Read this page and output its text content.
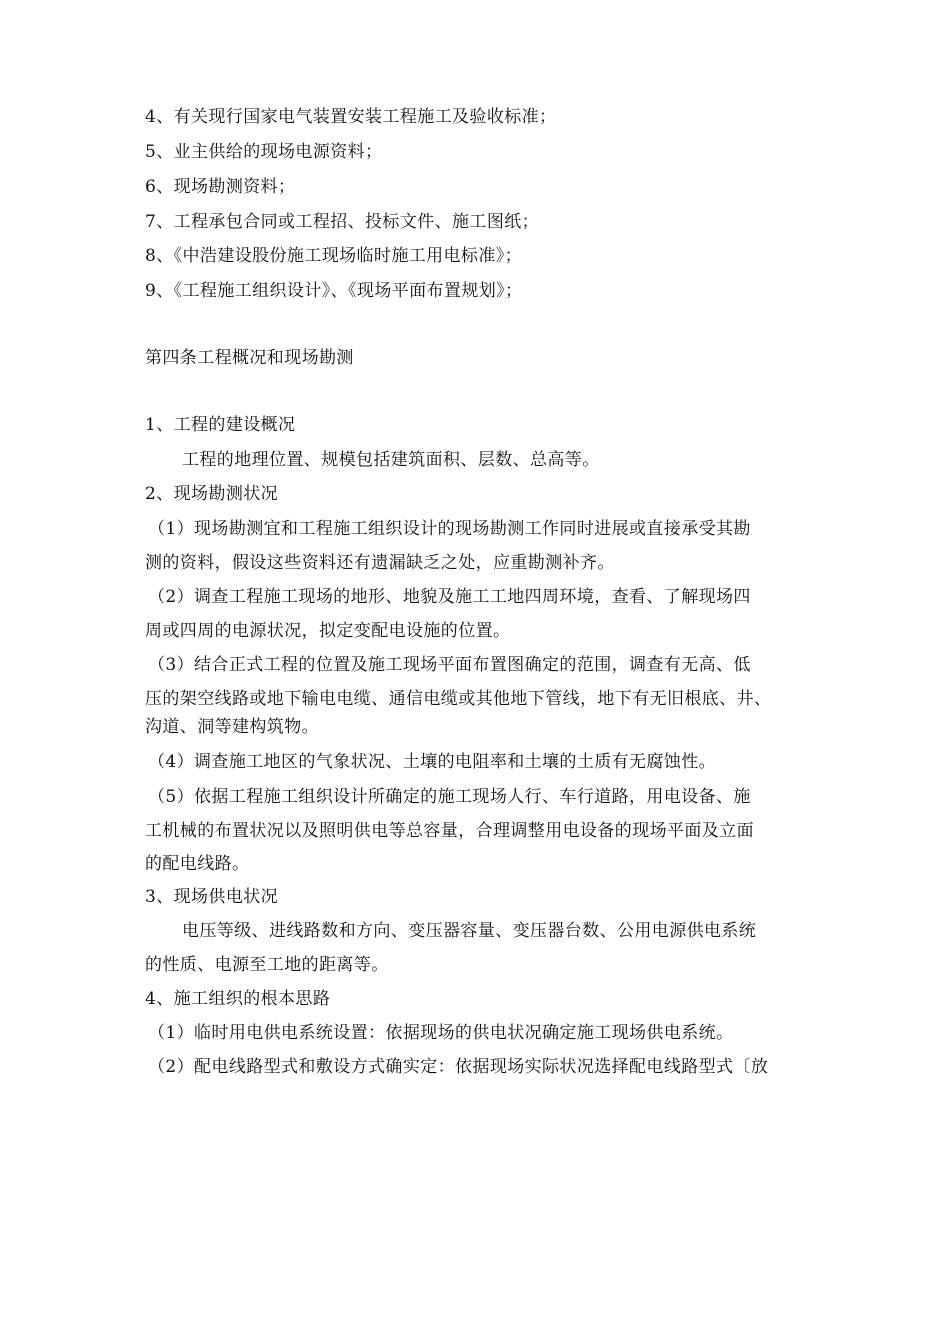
4、有关现行国家电气装置安装工程施工及验收标准；
5、业主供给的现场电源资料；
6、现场勘测资料；
7、工程承包合同或工程招、投标文件、施工图纸；
8、《中浩建设股份施工现场临时施工用电标准》；
9、《工程施工组织设计》、《现场平面布置规划》；
第四条工程概况和现场勘测
1、工程的建设概况
工程的地理位置、规模包括建筑面积、层数、总高等。
2、现场勘测状况
（1）现场勘测宜和工程施工组织设计的现场勘测工作同时进展或直接承受其勘
测的资料，假设这些资料还有遗漏缺乏之处，应重勘测补齐。
（2）调查工程施工现场的地形、地貌及施工工地四周环境，查看、了解现场四
周或四周的电源状况，拟定变配电设施的位置。
（3）结合正式工程的位置及施工现场平面布置图确定的范围，调查有无高、低
压的架空线路或地下输电电缆、通信电缆或其他地下管线，地下有无旧根底、井、
沟道、洞等建构筑物。
（4）调查施工地区的气象状况、土壤的电阻率和土壤的土质有无腐蚀性。
（5）依据工程施工组织设计所确定的施工现场人行、车行道路，用电设备、施
工机械的布置状况以及照明供电等总容量，合理调整用电设备的现场平面及立面
的配电线路。
3、现场供电状况
电压等级、进线路数和方向、变压器容量、变压器台数、公用电源供电系统
的性质、电源至工地的距离等。
4、施工组织的根本思路
（1）临时用电供电系统设置：依据现场的供电状况确定施工现场供电系统。
（2）配电线路型式和敷设方式确实定：依据现场实际状况选择配电线路型式〔放
